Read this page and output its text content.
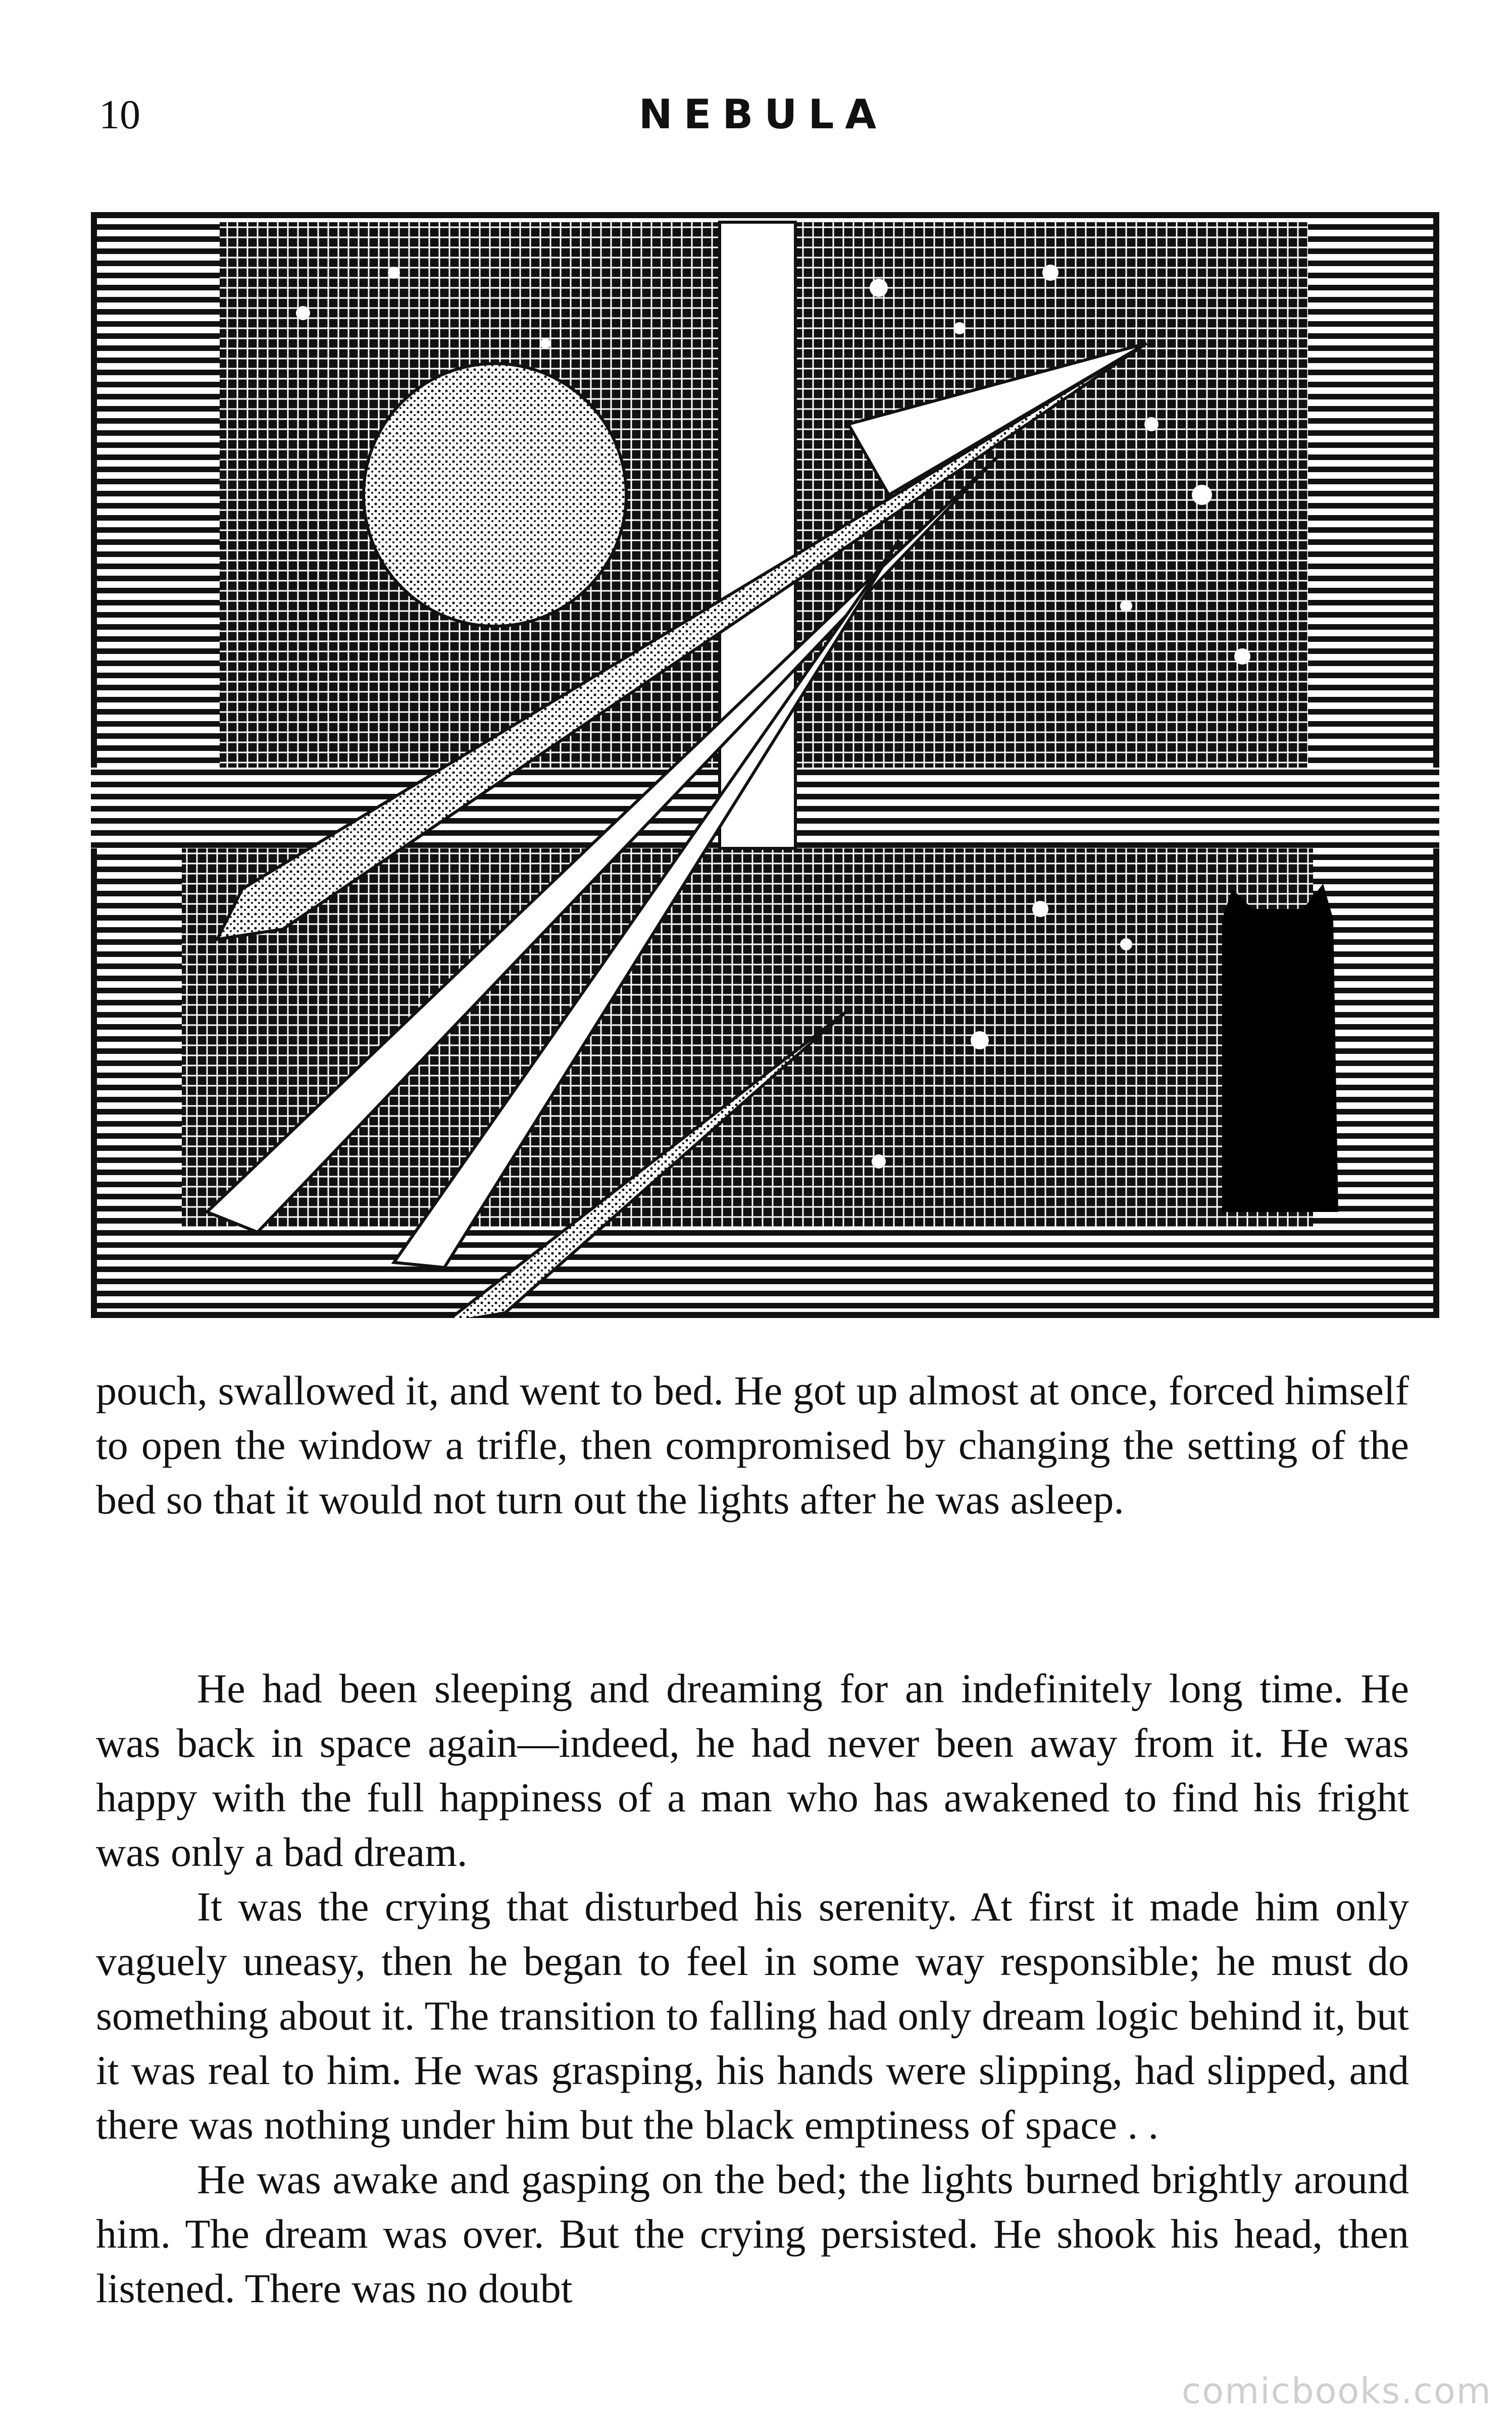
10	NEBULA

pouch, swallowed it, and went to bed. He got up almost at once, forced himself to open the window a trifle, then compromised by changing the setting of the bed so that it would not turn out the lights after he was asleep.

He had been sleeping and dreaming for an indefinitely long time. He was back in space again—indeed, he had never been away from it. He was happy with the full happiness of a man who has awakened to find his fright was only a bad dream.

It was the crying that disturbed his serenity. At first it made him only vaguely uneasy, then he began to feel in some way responsible; he must do something about it. The transition to falling had only dream logic behind it, but it was real to him. He was grasping, his hands were slipping, had slipped, and there was nothing under him but the black emptiness of space . .

He was awake and gasping on the bed; the lights burned brightly around him. The dream was over. But the crying persisted. He shook his head, then listened. There was no doubt

comicbooks.com
